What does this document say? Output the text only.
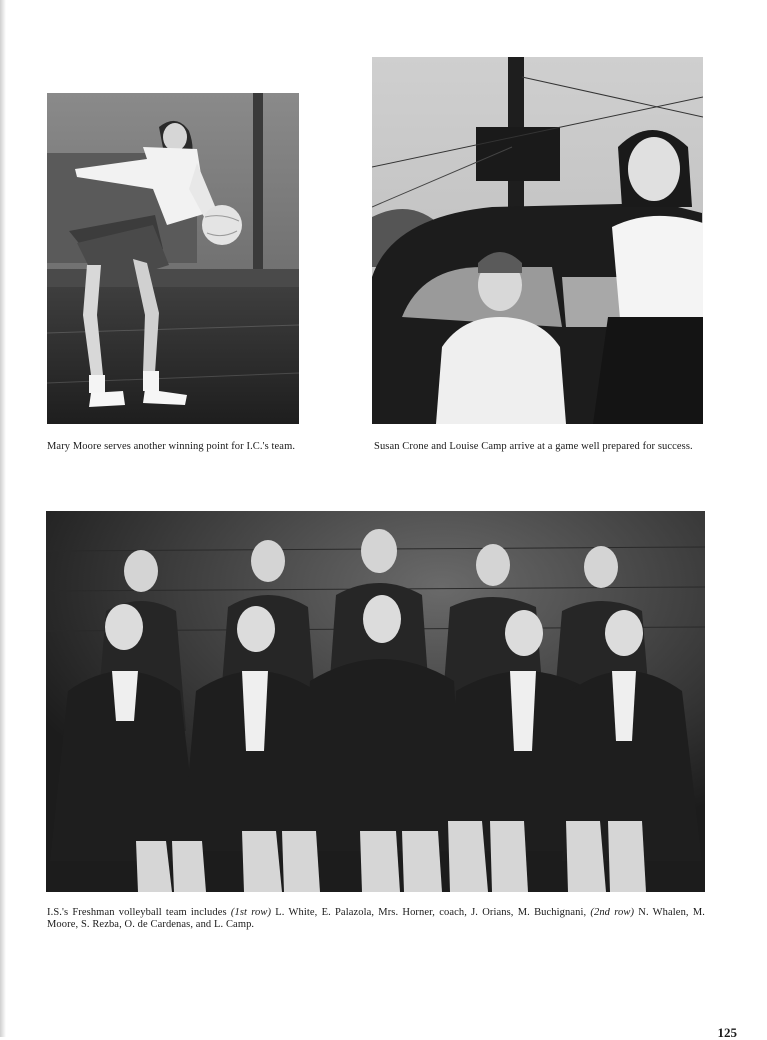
Mary Moore serves another winning point for I.C.'s team.	Susan Crone and Louise Camp arrive at a game well prepared for success.
I.S.'s Freshman volleyball team includes (1st row) L. White, E. Palazola, Mrs. Horner, coach, J. Orians, M. Buchignani, (2nd row) N. Whalen, M. Moore, S. Rezba, O. de Cardenas, and L. Camp.
125
